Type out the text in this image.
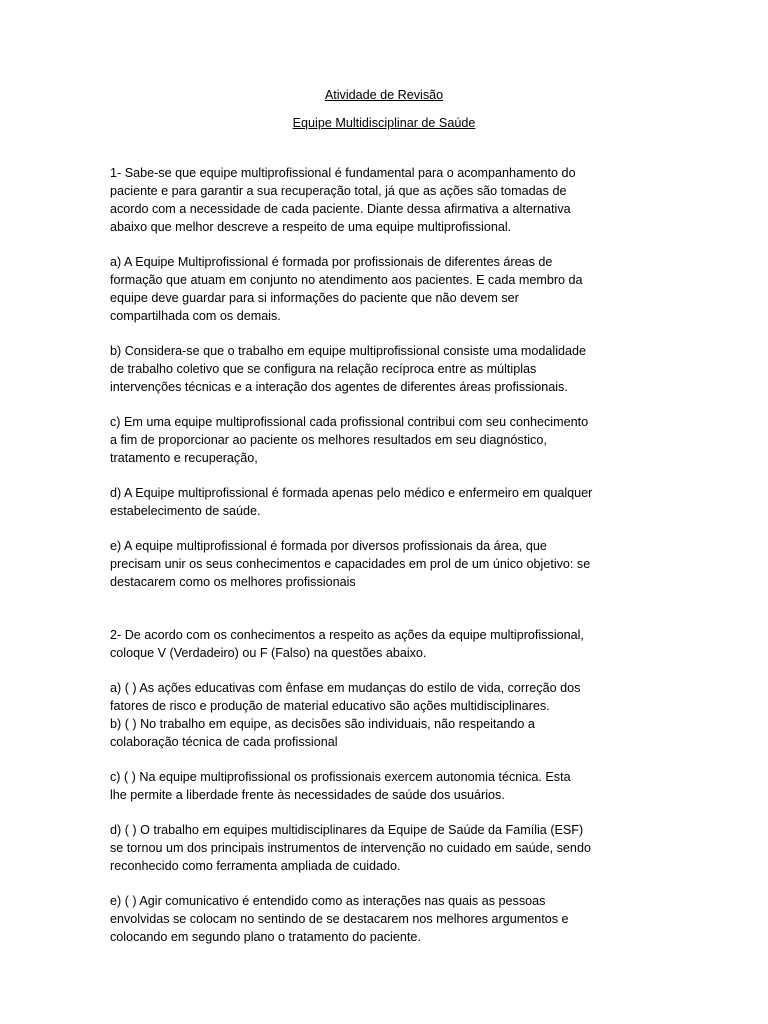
Atividade de Revisão

Equipe Multidisciplinar de Saúde

1- Sabe-se que equipe multiprofissional é fundamental para o acompanhamento do
paciente e para garantir a sua recuperação total, já que as ações são tomadas de
acordo com a necessidade de cada paciente. Diante dessa afirmativa a alternativa
abaixo que melhor descreve a respeito de uma equipe multiprofissional.
a) A Equipe Multiprofissional é formada por profissionais de diferentes áreas de
formação que atuam em conjunto no atendimento aos pacientes. E cada membro da
equipe deve guardar para si informações do paciente que não devem ser
compartilhada com os demais.
b) Considera-se que o trabalho em equipe multiprofissional consiste uma modalidade
de trabalho coletivo que se configura na relação recíproca entre as múltiplas
intervenções técnicas e a interação dos agentes de diferentes áreas profissionais.
c) Em uma equipe multiprofissional cada profissional contribui com seu conhecimento
a fim de proporcionar ao paciente os melhores resultados em seu diagnóstico,
tratamento e recuperação,
d) A Equipe multiprofissional é formada apenas pelo médico e enfermeiro em qualquer
estabelecimento de saúde.
e) A equipe multiprofissional é formada por diversos profissionais da área, que
precisam unir os seus conhecimentos e capacidades em prol de um único objetivo: se
destacarem como os melhores profissionais
2- De acordo com os conhecimentos a respeito as ações da equipe multiprofissional,
coloque V (Verdadeiro) ou F (Falso) na questões abaixo.
a) ( ) As ações educativas com ênfase em mudanças do estilo de vida, correção dos
fatores de risco e produção de material educativo são ações multidisciplinares.
b) ( ) No trabalho em equipe, as decisões são individuais, não respeitando a
colaboração técnica de cada profissional
c) ( ) Na equipe multiprofissional os profissionais exercem autonomia técnica. Esta
lhe permite a liberdade frente às necessidades de saúde dos usuários.
d) ( ) O trabalho em equipes multidisciplinares da Equipe de Saúde da Família (ESF)
se tornou um dos principais instrumentos de intervenção no cuidado em saúde, sendo
reconhecido como ferramenta ampliada de cuidado.
e) ( ) Agir comunicativo é entendido como as interações nas quais as pessoas
envolvidas se colocam no sentindo de se destacarem nos melhores argumentos e
colocando em segundo plano o tratamento do paciente.
